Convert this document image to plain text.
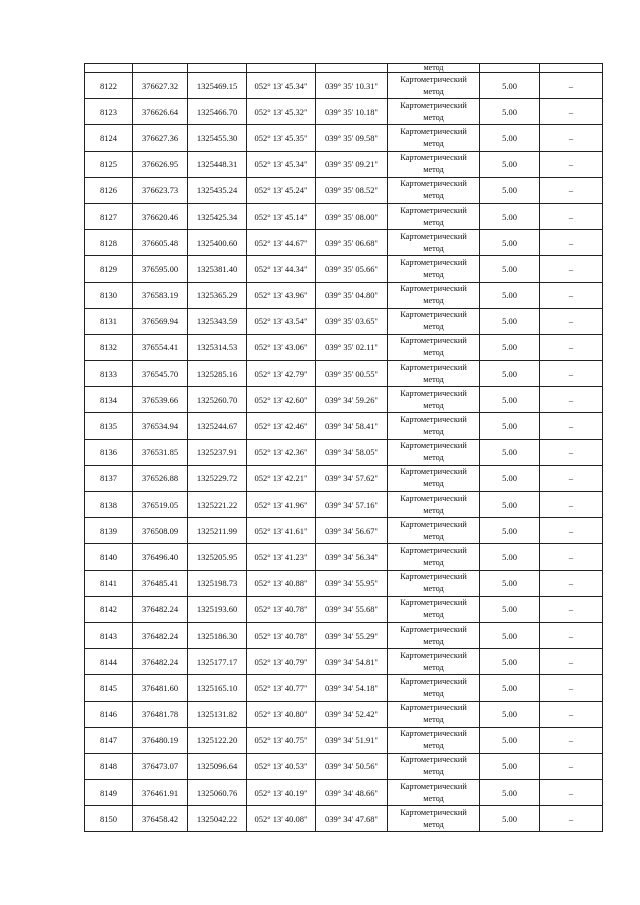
					метод		
8122	376627.32	1325469.15	052° 13' 45.34"	039° 35' 10.31"	Картометрический
метод	5.00	–
8123	376626.64	1325466.70	052° 13' 45.32"	039° 35' 10.18"	Картометрический
метод	5.00	–
8124	376627.36	1325455.30	052° 13' 45.35"	039° 35' 09.58"	Картометрический
метод	5.00	–
8125	376626.95	1325448.31	052° 13' 45.34"	039° 35' 09.21"	Картометрический
метод	5.00	–
8126	376623.73	1325435.24	052° 13' 45.24"	039° 35' 08.52"	Картометрический
метод	5.00	–
8127	376620.46	1325425.34	052° 13' 45.14"	039° 35' 08.00"	Картометрический
метод	5.00	–
8128	376605.48	1325400.60	052° 13' 44.67"	039° 35' 06.68"	Картометрический
метод	5.00	–
8129	376595.00	1325381.40	052° 13' 44.34"	039° 35' 05.66"	Картометрический
метод	5.00	–
8130	376583.19	1325365.29	052° 13' 43.96"	039° 35' 04.80"	Картометрический
метод	5.00	–
8131	376569.94	1325343.59	052° 13' 43.54"	039° 35' 03.65"	Картометрический
метод	5.00	–
8132	376554.41	1325314.53	052° 13' 43.06"	039° 35' 02.11"	Картометрический
метод	5.00	–
8133	376545.70	1325285.16	052° 13' 42.79"	039° 35' 00.55"	Картометрический
метод	5.00	–
8134	376539.66	1325260.70	052° 13' 42.60"	039° 34' 59.26"	Картометрический
метод	5.00	–
8135	376534.94	1325244.67	052° 13' 42.46"	039° 34' 58.41"	Картометрический
метод	5.00	–
8136	376531.85	1325237.91	052° 13' 42.36"	039° 34' 58.05"	Картометрический
метод	5.00	–
8137	376526.88	1325229.72	052° 13' 42.21"	039° 34' 57.62"	Картометрический
метод	5.00	–
8138	376519.05	1325221.22	052° 13' 41.96"	039° 34' 57.16"	Картометрический
метод	5.00	–
8139	376508.09	1325211.99	052° 13' 41.61"	039° 34' 56.67"	Картометрический
метод	5.00	–
8140	376496.40	1325205.95	052° 13' 41.23"	039° 34' 56.34"	Картометрический
метод	5.00	–
8141	376485.41	1325198.73	052° 13' 40.88"	039° 34' 55.95"	Картометрический
метод	5.00	–
8142	376482.24	1325193.60	052° 13' 40.78"	039° 34' 55.68"	Картометрический
метод	5.00	–
8143	376482.24	1325186.30	052° 13' 40.78"	039° 34' 55.29"	Картометрический
метод	5.00	–
8144	376482.24	1325177.17	052° 13' 40.79"	039° 34' 54.81"	Картометрический
метод	5.00	–
8145	376481.60	1325165.10	052° 13' 40.77"	039° 34' 54.18"	Картометрический
метод	5.00	–
8146	376481.78	1325131.82	052° 13' 40.80"	039° 34' 52.42"	Картометрический
метод	5.00	–
8147	376480.19	1325122.20	052° 13' 40.75"	039° 34' 51.91"	Картометрический
метод	5.00	–
8148	376473.07	1325096.64	052° 13' 40.53"	039° 34' 50.56"	Картометрический
метод	5.00	–
8149	376461.91	1325060.76	052° 13' 40.19"	039° 34' 48.66"	Картометрический
метод	5.00	–
8150	376458.42	1325042.22	052° 13' 40.08"	039° 34' 47.68"	Картометрический
метод	5.00	–
